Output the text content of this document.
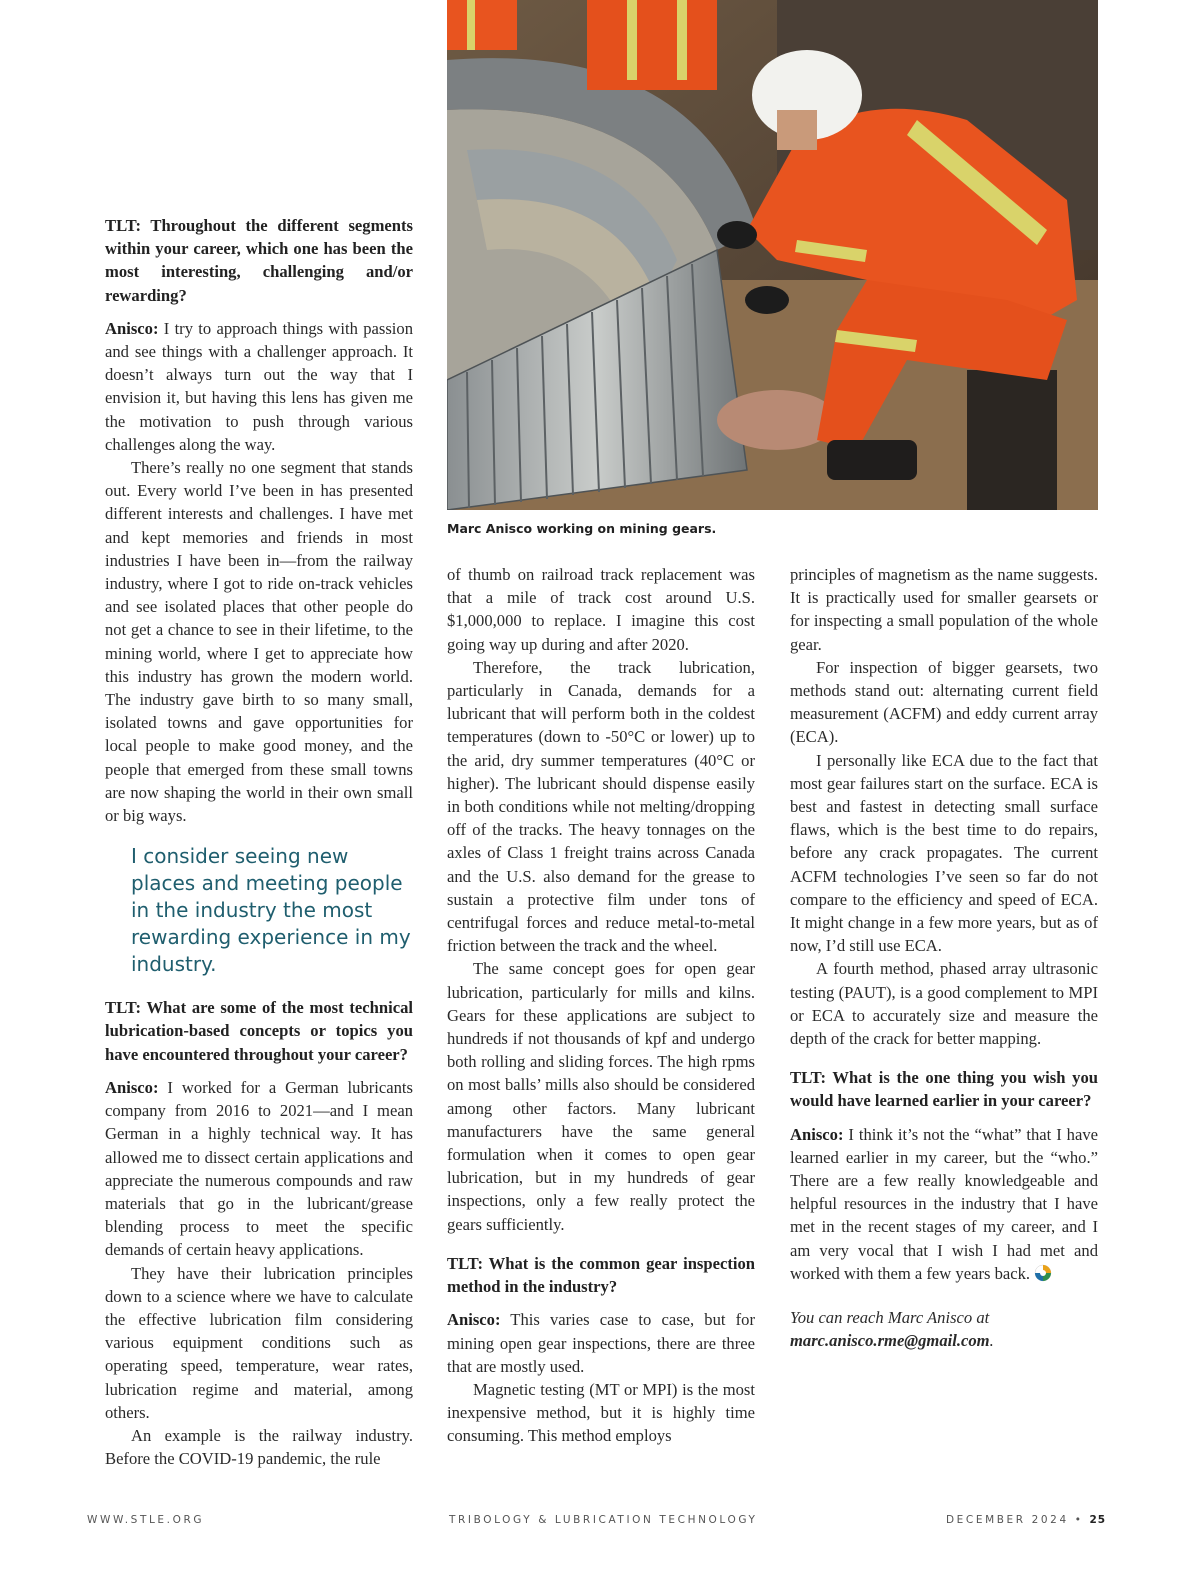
Marc Anisco working on mining gears.

TLT: Throughout the different segments within your career, which one has been the most interesting, challenging and/or rewarding?

Anisco: I try to approach things with passion and see things with a challenger approach. It doesn’t always turn out the way that I envision it, but having this lens has given me the motivation to push through various challenges along the way.

There’s really no one segment that stands out. Every world I’ve been in has presented different interests and challenges. I have met and kept memories and friends in most industries I have been in—from the railway industry, where I got to ride on-track vehicles and see isolated places that other people do not get a chance to see in their lifetime, to the mining world, where I get to appreciate how this industry has grown the modern world. The industry gave birth to so many small, isolated towns and gave opportunities for local people to make good money, and the people that emerged from these small towns are now shaping the world in their own small or big ways.

I consider seeing new places and meeting people in the industry the most rewarding experience in my industry.

TLT: What are some of the most technical lubrication-based concepts or topics you have encountered throughout your career?

Anisco: I worked for a German lubricants company from 2016 to 2021—and I mean German in a highly technical way. It has allowed me to dissect certain applications and appreciate the numerous compounds and raw materials that go in the lubricant/grease blending process to meet the specific demands of certain heavy applications.

They have their lubrication principles down to a science where we have to calculate the effective lubrication film considering various equipment conditions such as operating speed, temperature, wear rates, lubrication regime and material, among others.

An example is the railway industry. Before the COVID-19 pandemic, the rule

of thumb on railroad track replacement was that a mile of track cost around U.S. $1,000,000 to replace. I imagine this cost going way up during and after 2020.

Therefore, the track lubrication, particularly in Canada, demands for a lubricant that will perform both in the coldest temperatures (down to -50°C or lower) up to the arid, dry summer temperatures (40°C or higher). The lubricant should dispense easily in both conditions while not melting/dropping off of the tracks. The heavy tonnages on the axles of Class 1 freight trains across Canada and the U.S. also demand for the grease to sustain a protective film under tons of centrifugal forces and reduce metal-to-metal friction between the track and the wheel.

The same concept goes for open gear lubrication, particularly for mills and kilns. Gears for these applications are subject to hundreds if not thousands of kpf and undergo both rolling and sliding forces. The high rpms on most balls’ mills also should be considered among other factors. Many lubricant manufacturers have the same general formulation when it comes to open gear lubrication, but in my hundreds of gear inspections, only a few really protect the gears sufficiently.

TLT: What is the common gear inspection method in the industry?

Anisco: This varies case to case, but for mining open gear inspections, there are three that are mostly used.

Magnetic testing (MT or MPI) is the most inexpensive method, but it is highly time consuming. This method employs

principles of magnetism as the name suggests. It is practically used for smaller gearsets or for inspecting a small population of the whole gear.

For inspection of bigger gearsets, two methods stand out: alternating current field measurement (ACFM) and eddy current array (ECA).

I personally like ECA due to the fact that most gear failures start on the surface. ECA is best and fastest in detecting small surface flaws, which is the best time to do repairs, before any crack propagates. The current ACFM technologies I’ve seen so far do not compare to the efficiency and speed of ECA. It might change in a few more years, but as of now, I’d still use ECA.

A fourth method, phased array ultrasonic testing (PAUT), is a good complement to MPI or ECA to accurately size and measure the depth of the crack for better mapping.

TLT: What is the one thing you wish you would have learned earlier in your career?

Anisco: I think it’s not the “what” that I have learned earlier in my career, but the “who.” There are a few really knowledgeable and helpful resources in the industry that I have met in the recent stages of my career, and I am very vocal that I wish I had met and worked with them a few years back.

You can reach Marc Anisco at marc.anisco.rme@gmail.com.

WWW.STLE.ORG	TRIBOLOGY & LUBRICATION TECHNOLOGY	DECEMBER 2024 • 25
